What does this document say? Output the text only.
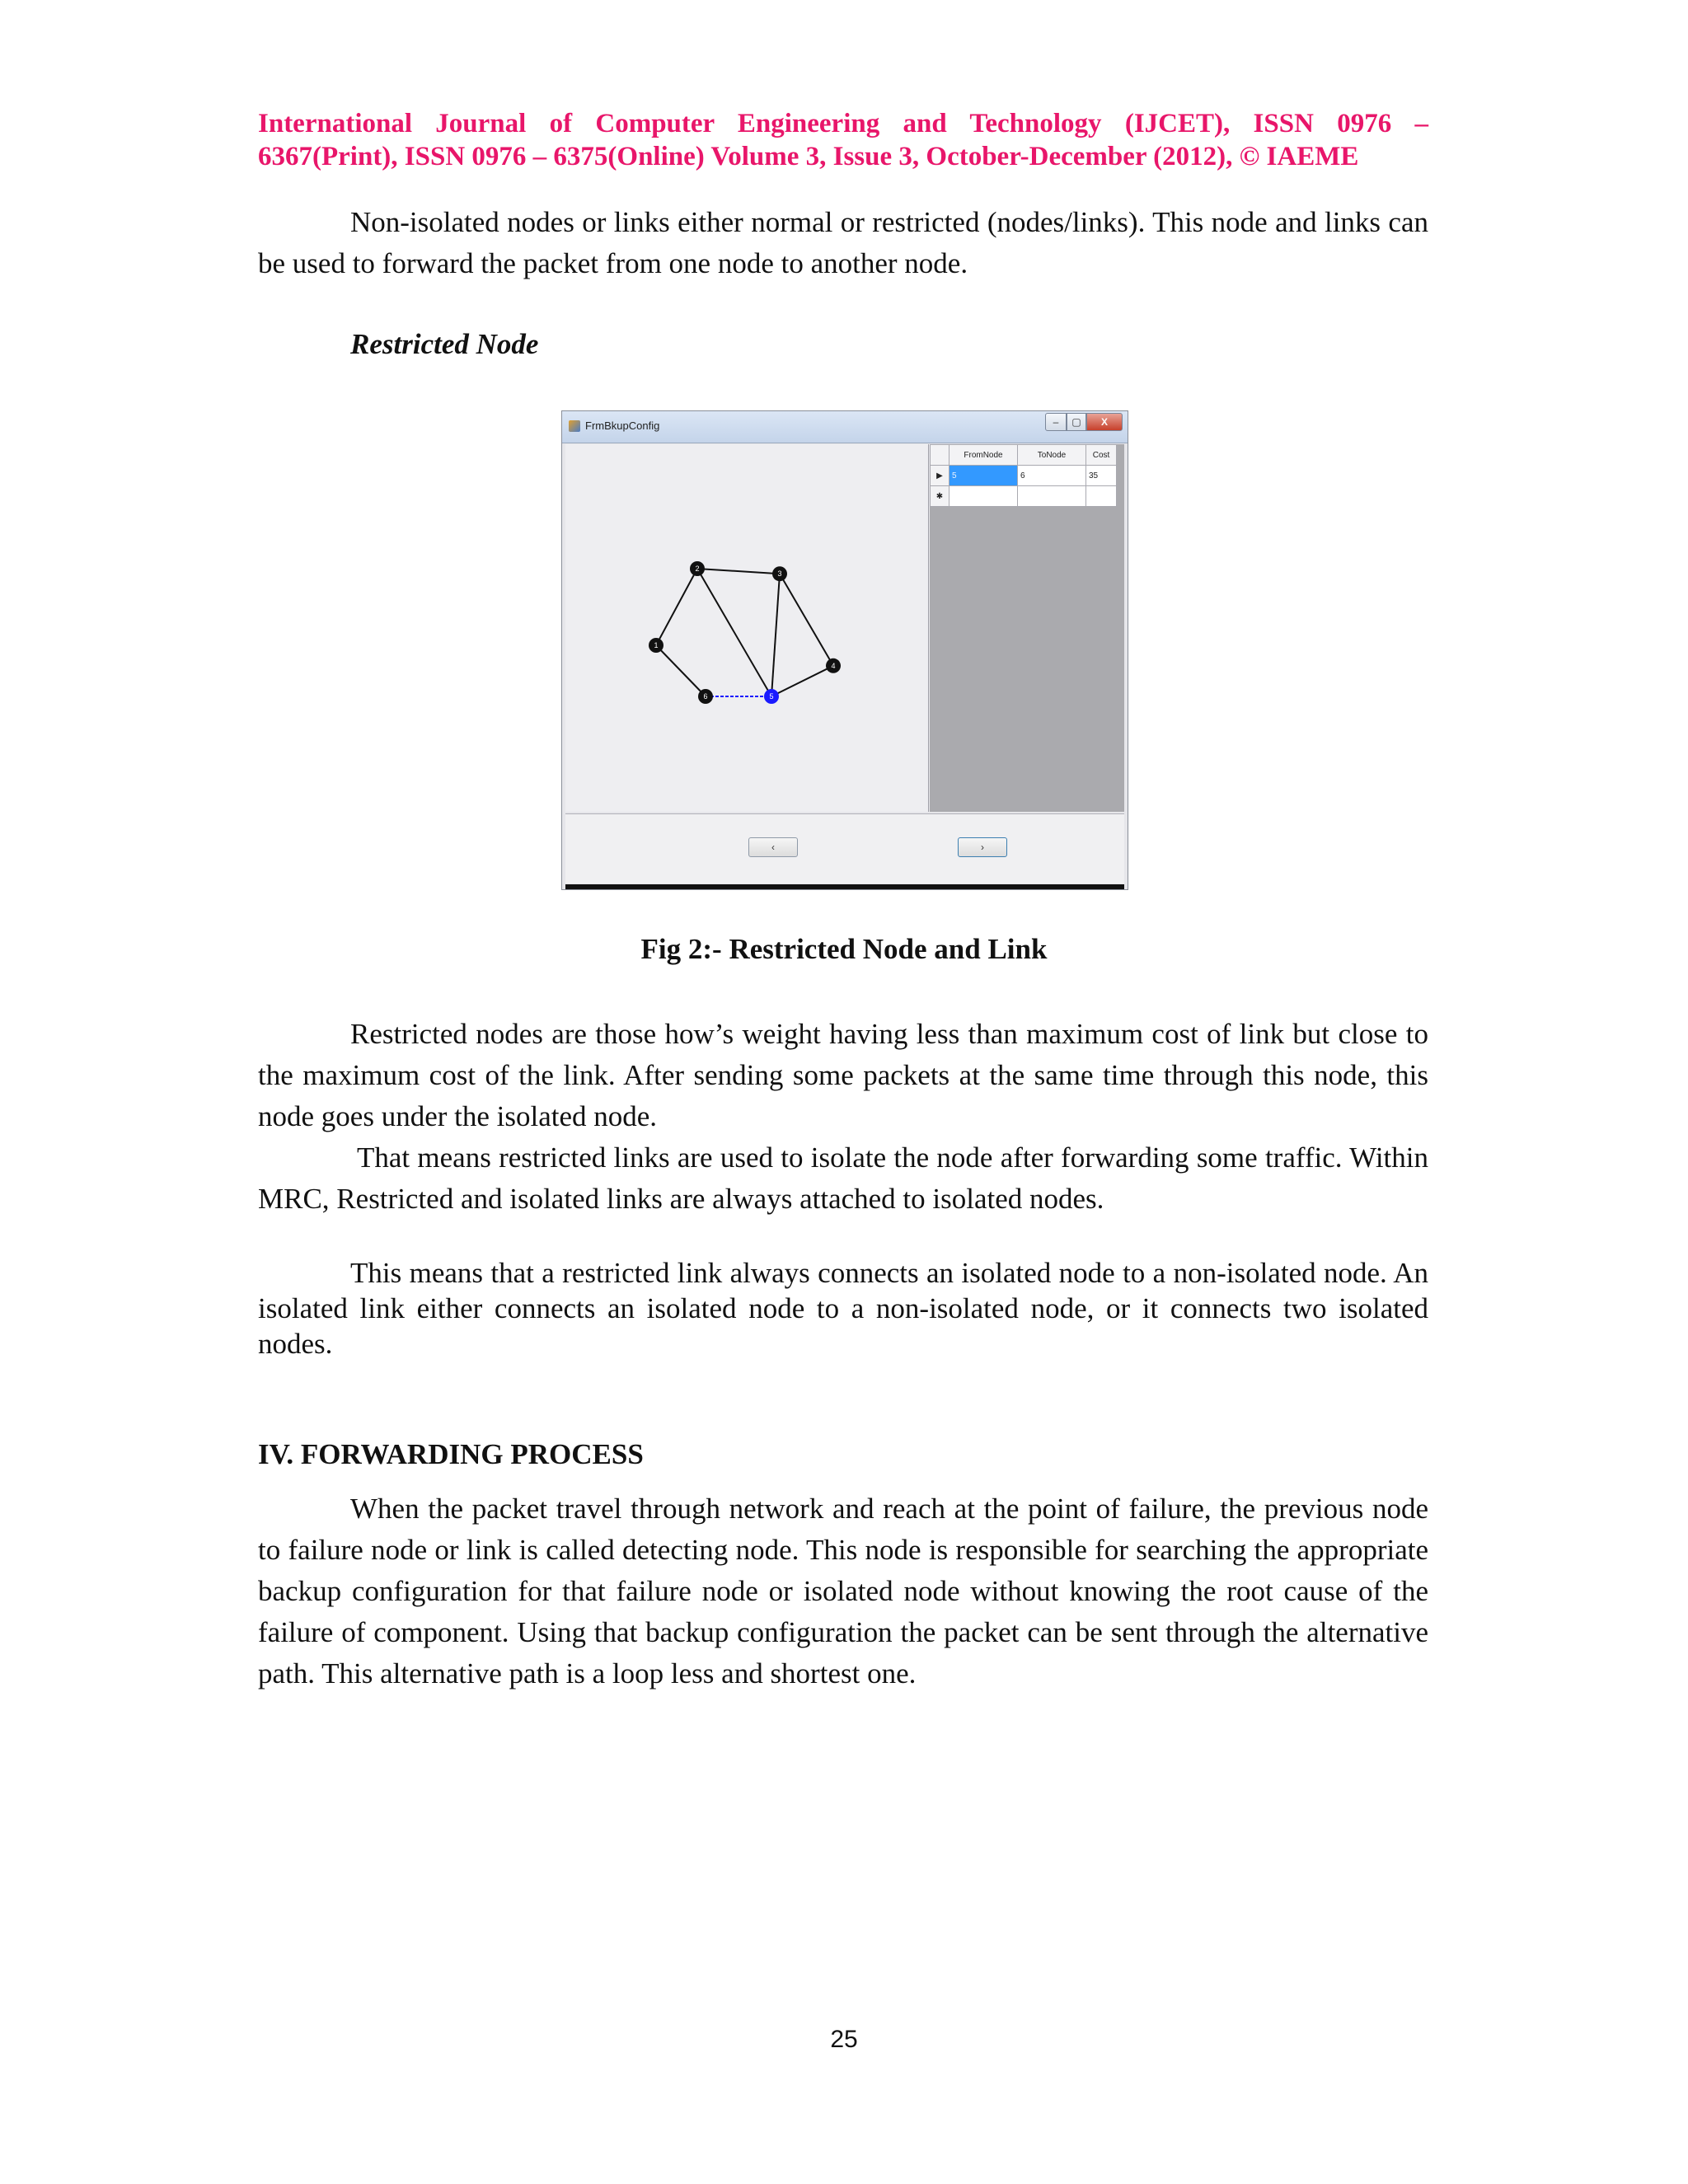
International Journal of Computer Engineering and Technology (IJCET), ISSN 0976 –
6367(Print), ISSN 0976 – 6375(Online) Volume 3, Issue 3, October-December (2012), © IAEME
Non-isolated nodes or links either normal or restricted (nodes/links). This node and links can be used to forward the packet from one node to another node.
Restricted Node
FrmBkupConfig	–	▢	X
1
2
3
4
5
6
	FromNode	ToNode	Cost
▶	5	6	35
✱			
‹	›
Fig 2:- Restricted Node and Link
Restricted nodes are those how’s weight having less than maximum cost of link but close to the maximum cost of the link. After sending some packets at the same time through this node, this node goes under the isolated node.
That means restricted links are used to isolate the node after forwarding some traffic. Within MRC, Restricted and isolated links are always attached to isolated nodes.
This means that a restricted link always connects an isolated node to a non-isolated node. An isolated link either connects an isolated node to a non-isolated node, or it connects two isolated nodes.
IV. FORWARDING PROCESS
When the packet travel through network and reach at the point of failure, the previous node to failure node or link is called detecting node. This node is responsible for searching the appropriate backup configuration for that failure node or isolated node without knowing the root cause of the failure of component. Using that backup configuration the packet can be sent through the alternative path. This alternative path is a loop less and shortest one.
25
